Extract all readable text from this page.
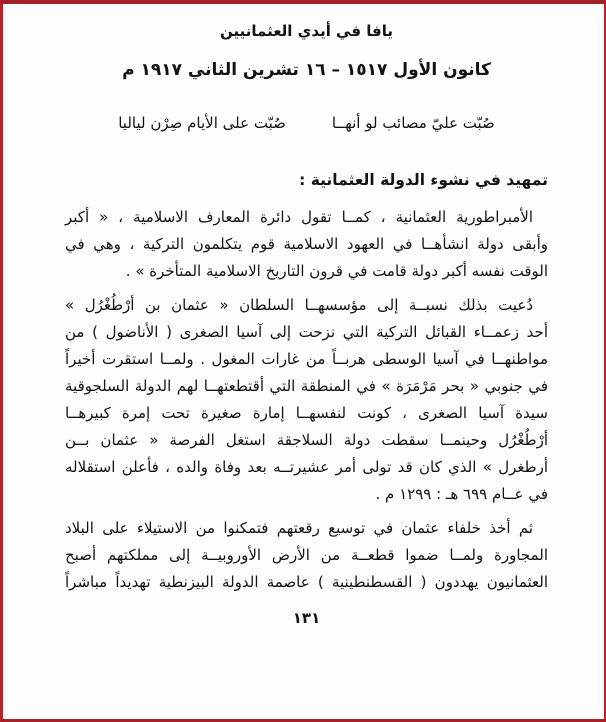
يافا في أيدي العثمانيين
كانون الأول ١٥١٧ – ١٦ تشرين الثاني ١٩١٧ م
صُبّت عليّ مصائب لو أنهــا
صُبّت على الأيام صِرْن لياليا
تمهيد في نشوء الدولة العثمانية :
الأمبراطورية العثمانية ، كمــا تقول دائرة المعارف الاسلامية ، « أكبر
وأبقى دولة انشأهــا في العهود الاسلامية قوم يتكلمون التركية ، وهي في
الوقت نفسه أكبر دولة قامت في قرون التاريخ الاسلامية المتأخرة » .
دُعيت بذلك نسبــة إلى مؤسسهــا السلطان « عثمان بن أرْطُغْرُل »
أحد زعمــاء القبائل التركية التي نزحت إلى آسيا الصغرى ( الأناضول ) من
مواطنهــا في آسيا الوسطى هربــاً من غارات المغول . ولمــا استقرت أخيراً
في جنوبي « بحر مَرْمَرَة » في المنطقة التي أقتطعتهــا لهم الدولة السلجوقية
سيدة آسيا الصغرى ، كونت لنفسهــا إمارة صغيرة تحت إمرة كبيرهــا
أرْطُغْرُل وحينمــا سقطت دولة السلاجقة استغل الفرصة « عثمان بــن
أرطغرل » الذي كان قد تولى أمر عشيرتــه بعد وفاة والده ، فأعلن استقلاله
في عــام ٦٩٩ هـ : ١٢٩٩ م .
ثم أخذ خلفاء عثمان في توسيع رقعتهم فتمكنوا من الاستيلاء على البلاد
المجاورة ولمــا ضموا قطعــة من الأرض الأوروبيــة إلى مملكتهم أصبح
العثمانيون يهددون ( القسطنطينية ) عاصمة الدولة البيزنطية تهديداً مباشراً
١٣١
